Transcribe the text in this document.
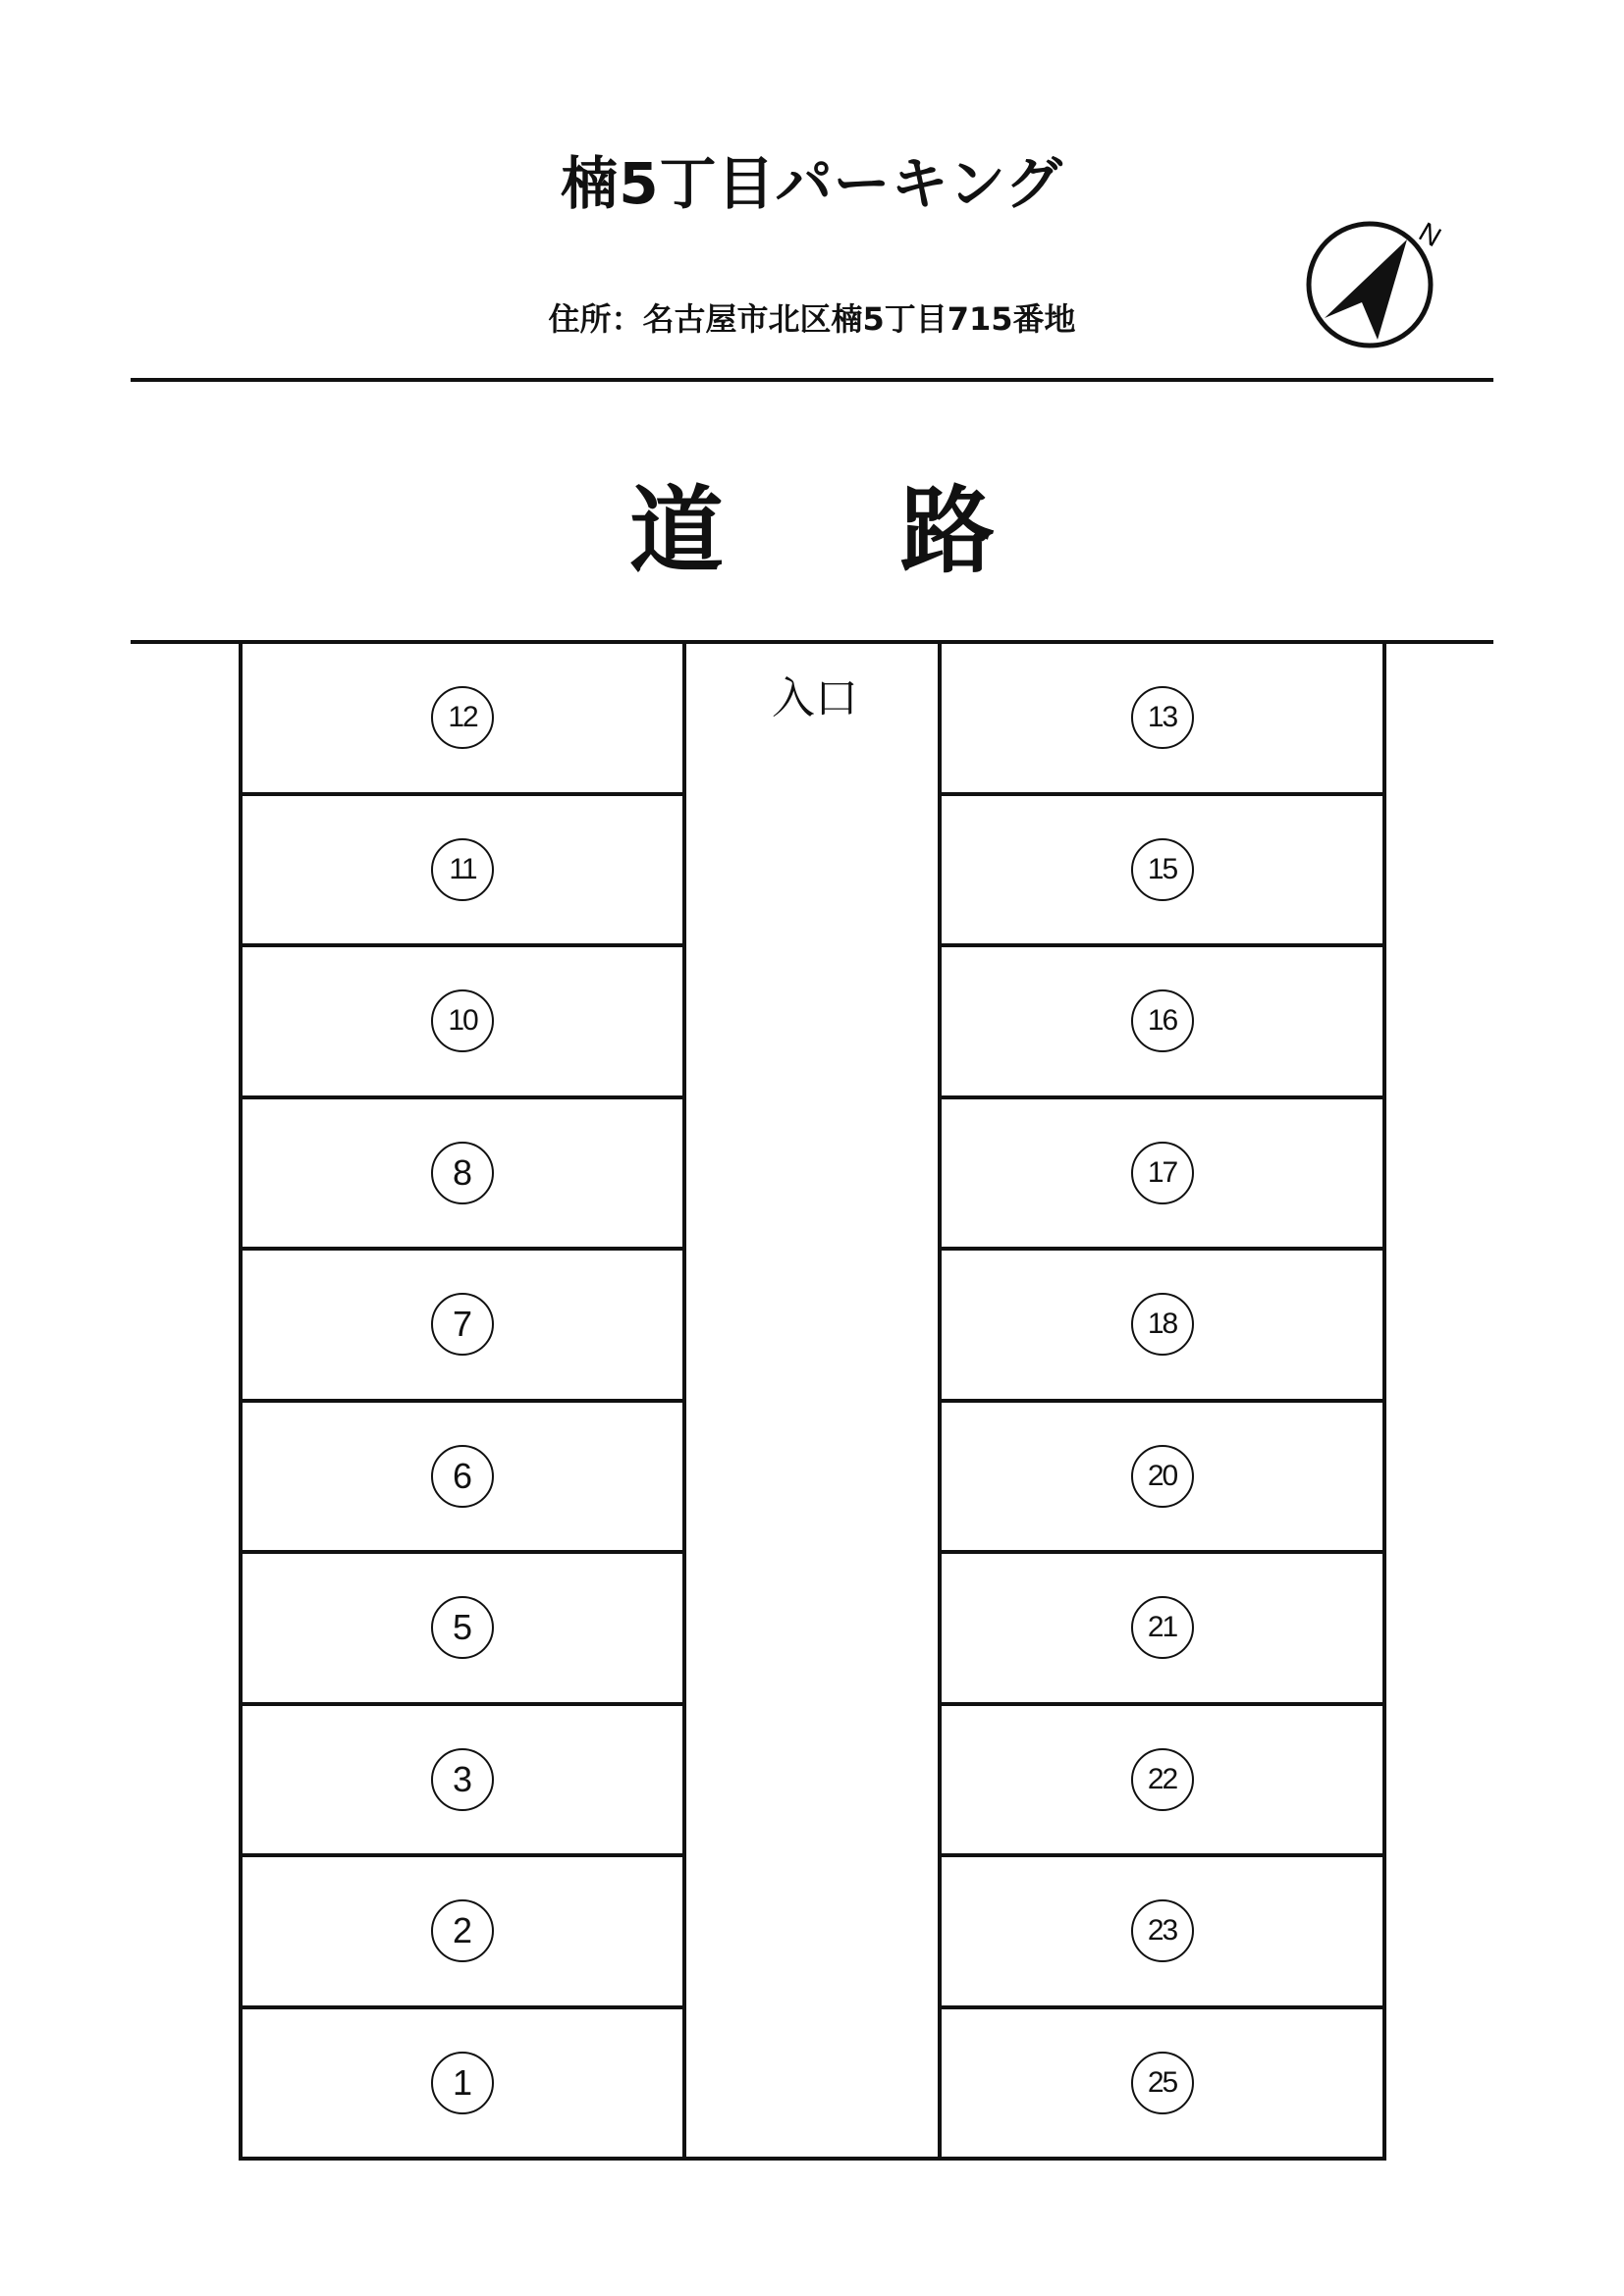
楠5丁目パーキング
住所：名古屋市北区楠5丁目715番地
N
道 路
12
11
10
8
7
6
5
3
2
1
13
15
16
17
18
20
21
22
23
25
入口
